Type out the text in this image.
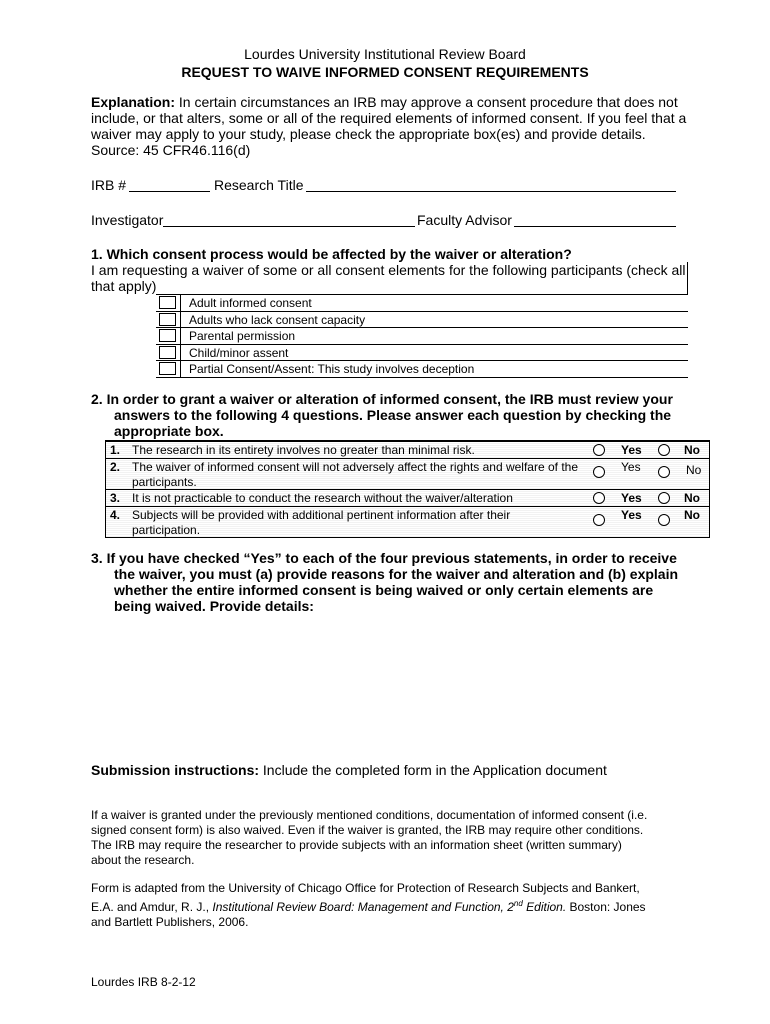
Lourdes University Institutional Review Board
REQUEST TO WAIVE INFORMED CONSENT REQUIREMENTS
Explanation: In certain circumstances an IRB may approve a consent procedure that does not
include, or that alters, some or all of the required elements of informed consent. If you feel that a
waiver may apply to your study, please check the appropriate box(es) and provide details.
Source: 45 CFR46.116(d)
IRB #	Research Title
Investigator	Faculty Advisor
1. Which consent process would be affected by the waiver or alteration?
I am requesting a waiver of some or all consent elements for the following participants (check all
that apply)
Adult informed consent
Adults who lack consent capacity
Parental permission
Child/minor assent
Partial Consent/Assent: This study involves deception
2. In order to grant a waiver or alteration of informed consent, the IRB must review your
answers to the following 4 questions. Please answer each question by checking the
appropriate box.
1. The research in its entirety involves no greater than minimal risk.	Yes	No
2. The waiver of informed consent will not adversely affect the rights and welfare of the participants.
Yes	No
3. It is not practicable to conduct the research without the waiver/alteration	Yes	No
4. Subjects will be provided with additional pertinent information after their participation.
Yes	No
3. If you have checked “Yes” to each of the four previous statements, in order to receive
the waiver, you must (a) provide reasons for the waiver and alteration and (b) explain
whether the entire informed consent is being waived or only certain elements are
being waived. Provide details:
Submission instructions: Include the completed form in the Application document
If a waiver is granted under the previously mentioned conditions, documentation of informed consent (i.e.
signed consent form) is also waived. Even if the waiver is granted, the IRB may require other conditions.
The IRB may require the researcher to provide subjects with an information sheet (written summary)
about the research.
Form is adapted from the University of Chicago Office for Protection of Research Subjects and Bankert,
E.A. and Amdur, R. J., Institutional Review Board: Management and Function, 2nd Edition. Boston: Jones
and Bartlett Publishers, 2006.
Lourdes IRB 8-2-12
